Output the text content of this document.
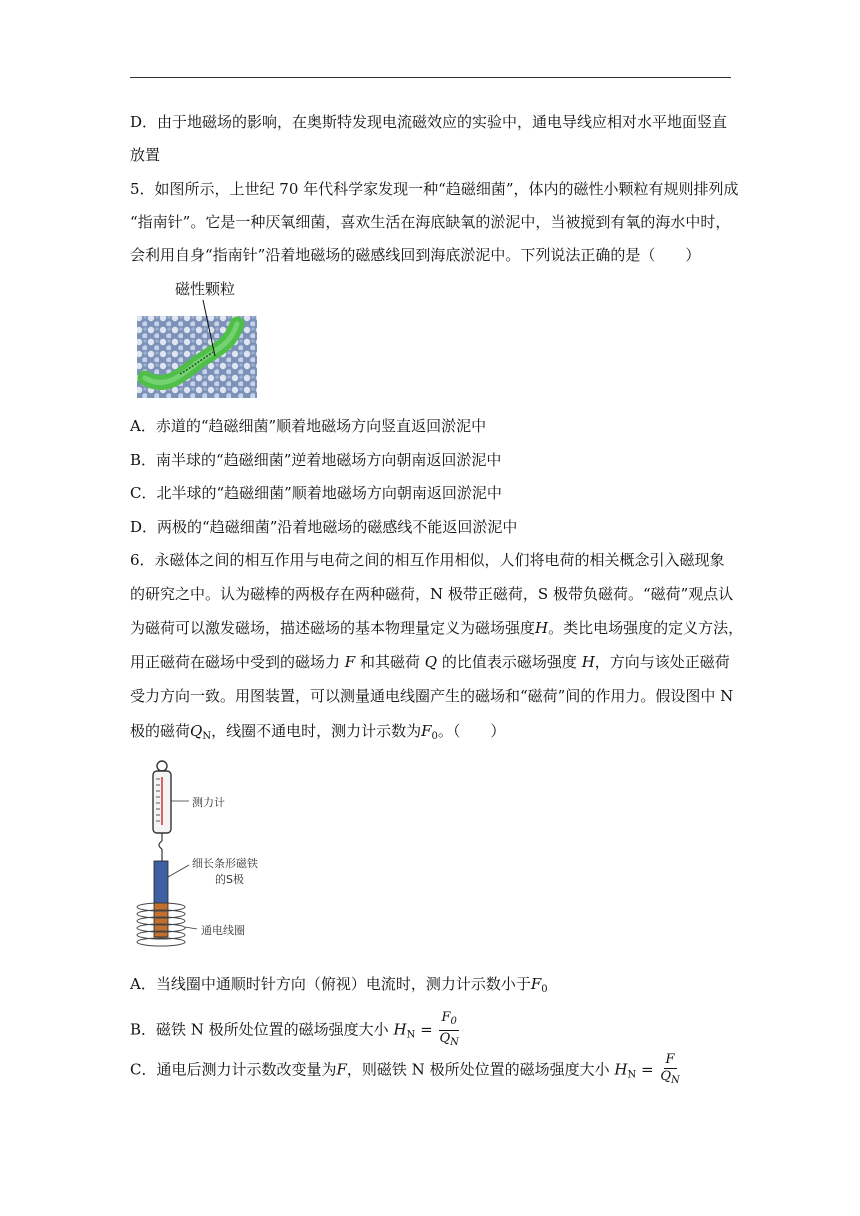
D．由于地磁场的影响，在奥斯特发现电流磁效应的实验中，通电导线应相对水平地面竖直
放置
5．如图所示，上世纪 70 年代科学家发现一种“趋磁细菌”，体内的磁性小颗粒有规则排列成
“指南针”。它是一种厌氧细菌，喜欢生活在海底缺氧的淤泥中，当被搅到有氧的海水中时，
会利用自身“指南针”沿着地磁场的磁感线回到海底淤泥中。下列说法正确的是（　　）
磁性颗粒
A．赤道的“趋磁细菌”顺着地磁场方向竖直返回淤泥中
B．南半球的“趋磁细菌”逆着地磁场方向朝南返回淤泥中
C．北半球的“趋磁细菌”顺着地磁场方向朝南返回淤泥中
D．两极的“趋磁细菌”沿着地磁场的磁感线不能返回淤泥中
6．永磁体之间的相互作用与电荷之间的相互作用相似，人们将电荷的相关概念引入磁现象
的研究之中。认为磁棒的两极存在两种磁荷，N 极带正磁荷，S 极带负磁荷。“磁荷”观点认
为磁荷可以激发磁场，描述磁场的基本物理量定义为磁场强度H。类比电场强度的定义方法，
用正磁荷在磁场中受到的磁场力 F 和其磁荷 Q 的比值表示磁场强度 H，方向与该处正磁荷
受力方向一致。用图装置，可以测量通电线圈产生的磁场和“磁荷”间的作用力。假设图中 N
极的磁荷$Q_N$，线圈不通电时，测力计示数为$F_0$。（　　）
测力计
细长条形磁铁
的S极
通电线圈
A．当线圈中通顺时针方向（俯视）电流时，测力计示数小于$F_0$
B．磁铁 N 极所处位置的磁场强度大小 $H_N = \frac{F_0}{Q_N}$
C．通电后测力计示数改变量为F，则磁铁 N 极所处位置的磁场强度大小 $H_N = \frac{F}{Q_N}$
